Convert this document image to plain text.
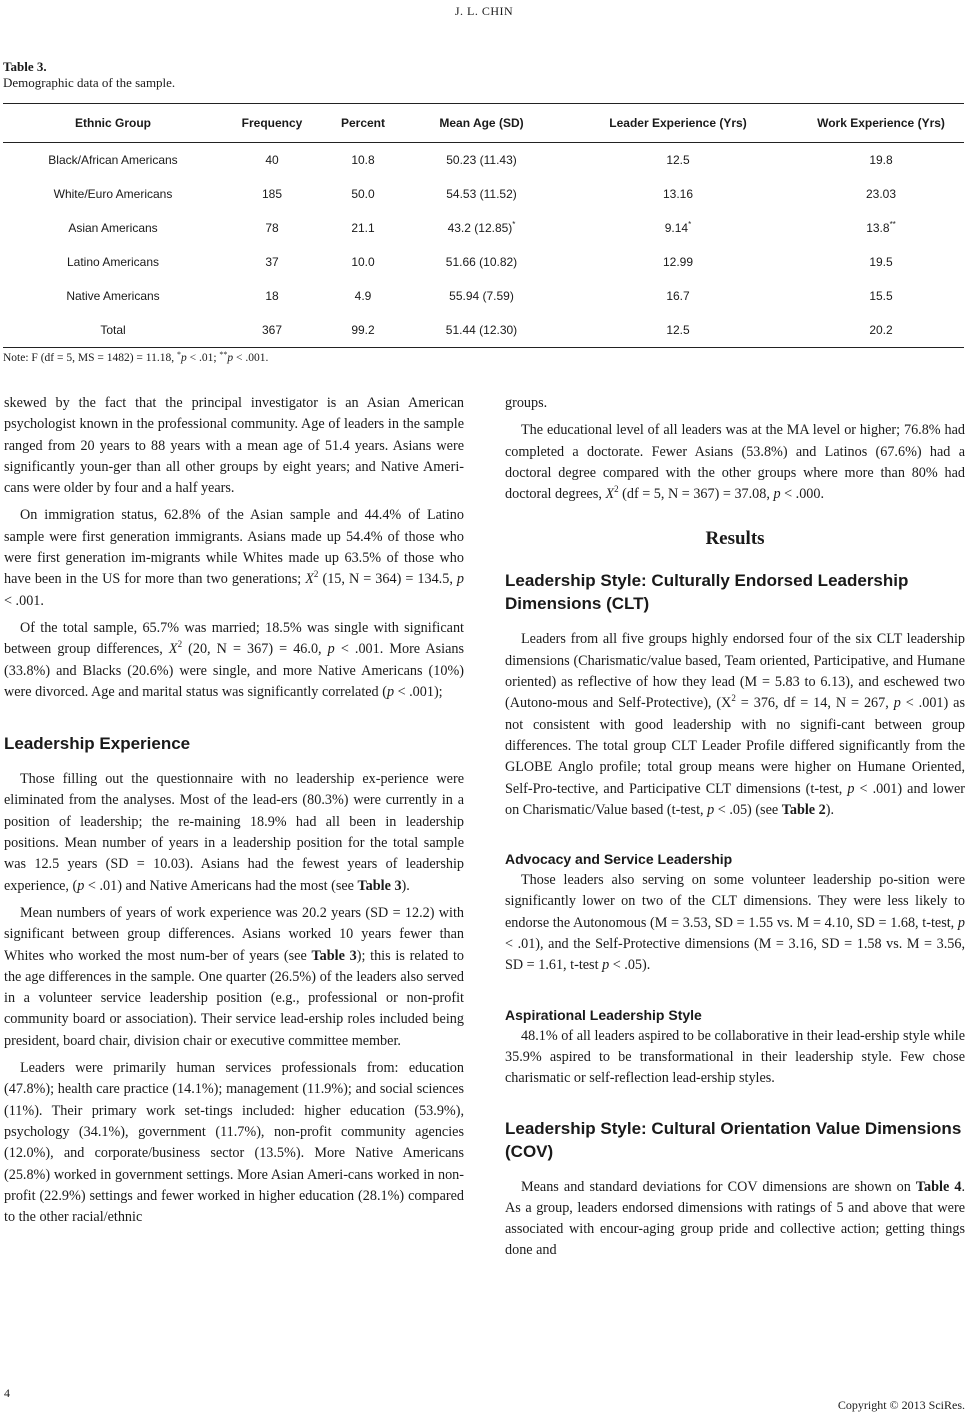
J. L. CHIN
Table 3.
Demographic data of the sample.
Ethnic Group	Frequency	Percent	Mean Age (SD)	Leader Experience (Yrs)	Work Experience (Yrs)
Black/African Americans	40	10.8	50.23 (11.43)	12.5	19.8
White/Euro Americans	185	50.0	54.53 (11.52)	13.16	23.03
Asian Americans	78	21.1	43.2 (12.85)*	9.14*	13.8**
Latino Americans	37	10.0	51.66 (10.82)	12.99	19.5
Native Americans	18	4.9	55.94 (7.59)	16.7	15.5
Total	367	99.2	51.44 (12.30)	12.5	20.2
Note: F (df = 5, MS = 1482) = 11.18, *p < .01; **p < .001.

skewed by the fact that the principal investigator is an Asian American psychologist known in the professional community. Age of leaders in the sample ranged from 20 years to 88 years with a mean age of 51.4 years. Asians were significantly youn-ger than all other groups by eight years; and Native Ameri-cans were older by four and a half years.

On immigration status, 62.8% of the Asian sample and 44.4% of Latino sample were first generation immigrants. Asians made up 54.4% of those who were first generation im-migrants while Whites made up 63.5% of those who have been in the US for more than two generations; $X^2$ (15, N = 364) = 134.5, p < .001.

Of the total sample, 65.7% was married; 18.5% was single with significant between group differences, $X^2$ (20, N = 367) = 46.0, p < .001. More Asians (33.8%) and Blacks (20.6%) were single, and more Native Americans (10%) were divorced. Age and marital status was significantly correlated (p < .001);

Leadership Experience

Those filling out the questionnaire with no leadership ex-perience were eliminated from the analyses. Most of the lead-ers (80.3%) were currently in a position of leadership; the re-maining 18.9% had all been in leadership positions. Mean number of years in a leadership position for the total sample was 12.5 years (SD = 10.03). Asians had the fewest years of leadership experience, (p < .01) and Native Americans had the most (see Table 3).

Mean numbers of years of work experience was 20.2 years (SD = 12.2) with significant between group differences. Asians worked 10 years fewer than Whites who worked the most num-ber of years (see Table 3); this is related to the age differences in the sample. One quarter (26.5%) of the leaders also served in a volunteer service leadership position (e.g., professional or non-profit community board or association). Their service lead-ership roles included being president, board chair, division chair or executive committee member.

Leaders were primarily human services professionals from: education (47.8%); health care practice (14.1%); management (11.9%); and social sciences (11%). Their primary work set-tings included: higher education (53.9%), psychology (34.1%), government (11.7%), non-profit community agencies (12.0%), and corporate/business sector (13.5%). More Native Americans (25.8%) worked in government settings. More Asian Ameri-cans worked in non-profit (22.9%) settings and fewer worked in higher education (28.1%) compared to the other racial/ethnic

groups.

The educational level of all leaders was at the MA level or higher; 76.8% had completed a doctorate. Fewer Asians (53.8%) and Latinos (67.6%) had a doctoral degree compared with the other groups where more than 80% had doctoral degrees, $X^2$ (df = 5, N = 367) = 37.08, p < .000.

Results
Leadership Style: Culturally Endorsed Leadership Dimensions (CLT)

Leaders from all five groups highly endorsed four of the six CLT leadership dimensions (Charismatic/value based, Team oriented, Participative, and Humane oriented) as reflective of how they lead (M = 5.83 to 6.13), and eschewed two (Autono-mous and Self-Protective), ($X^2 = 376$, df = 14, N = 267, p < .001) as not consistent with good leadership with no signifi-cant between group differences. The total group CLT Leader Profile differed significantly from the GLOBE Anglo profile; total group means were higher on Humane Oriented, Self-Pro-tective, and Participative CLT dimensions (t-test, p < .001) and lower on Charismatic/Value based (t-test, p < .05) (see Table 2).

Advocacy and Service Leadership

Those leaders also serving on some volunteer leadership po-sition were significantly lower on two of the CLT dimensions. They were less likely to endorse the Autonomous (M = 3.53, SD = 1.55 vs. M = 4.10, SD = 1.68, t-test, p < .01), and the Self-Protective dimensions (M = 3.16, SD = 1.58 vs. M = 3.56, SD = 1.61, t-test p < .05).

Aspirational Leadership Style

48.1% of all leaders aspired to be collaborative in their lead-ership style while 35.9% aspired to be transformational in their leadership style. Few chose charismatic or self-reflection lead-ership styles.

Leadership Style: Cultural Orientation Value Dimensions (COV)

Means and standard deviations for COV dimensions are shown on Table 4. As a group, leaders endorsed dimensions with ratings of 5 and above that were associated with encour-aging group pride and collective action; getting things done and

4
Copyright © 2013 SciRes.
